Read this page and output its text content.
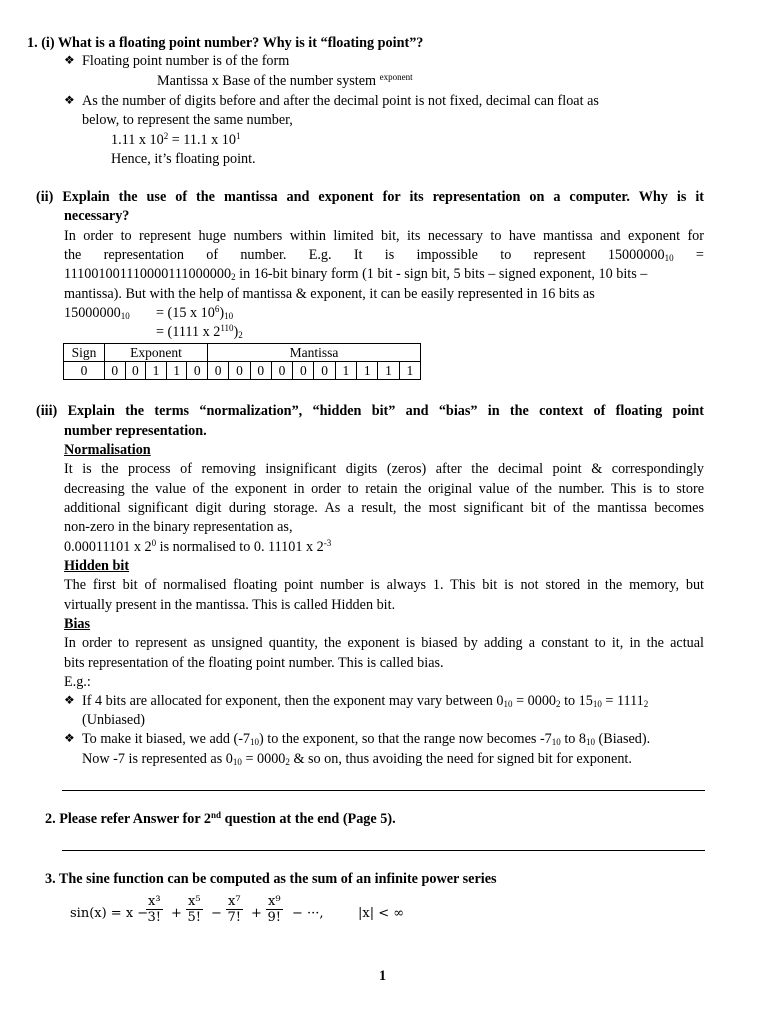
1. (i) What is a floating point number? Why is it “floating point”?
❖ Floating point number is of the form
Mantissa x Base of the number system $^{exponent}$
❖ As the number of digits before and after the decimal point is not fixed, decimal can float as
below, to represent the same number,
1.11 x $10^2 = 11.1$ x $10^1$
Hence, it’s floating point.
(ii) Explain the use of the mantissa and exponent for its representation on a computer. Why is it
necessary?
In order to represent huge numbers within limited bit, its necessary to have mantissa and exponent for
the representation of number. E.g. It is impossible to represent $15000000_{10}$ =
$111001001110000111000000_2$ in 16-bit binary form (1 bit - sign bit, 5 bits – signed exponent, 10 bits –
mantissa). But with the help of mantissa & exponent, it can be easily represented in 16 bits as
$15000000_{10} = (15$ x $10^6)_{10}$
= (1111 x $2^{110})_2$
Sign	Exponent					Mantissa									
0	0	0	1	1	0	0	0	0	0	0	0	1	1	1	1
(iii) Explain the terms “normalization”, “hidden bit” and “bias” in the context of floating point
number representation.
Normalisation
It is the process of removing insignificant digits (zeros) after the decimal point & correspondingly
decreasing the value of the exponent in order to retain the original value of the number. This is to store
additional significant digit during storage. As a result, the most significant bit of the mantissa becomes
non-zero in the binary representation as,
0.00011101 x $2^0$ is normalised to 0. 11101 x $2^{-3}$
Hidden bit
The first bit of normalised floating point number is always 1. This bit is not stored in the memory, but
virtually present in the mantissa. This is called Hidden bit.
Bias
In order to represent as unsigned quantity, the exponent is biased by adding a constant to it, in the actual
bits representation of the floating point number. This is called bias.
E.g.:
❖ If 4 bits are allocated for exponent, then the exponent may vary between $0_{10} = 0000_2$ to $15_{10} = 1111_2$
(Unbiased)
❖ To make it biased, we add $(-7_{10})$ to the exponent, so that the range now becomes $-7_{10}$ to $8_{10}$ (Biased).
Now -7 is represented as $0_{10} = 0000_2$ & so on, thus avoiding the need for signed bit for exponent.
2. Please refer Answer for 2nd question at the end (Page 5).
3. The sine function can be computed as the sum of an infinite power series
sin(x) = x −
$\frac{\text{x³}}{3!} + \frac{\text{x⁵}}{5!} - \frac{\text{x⁷}}{7!} + \frac{\text{x⁹}}{9!}$ − ···,	|x| < ∞
1
